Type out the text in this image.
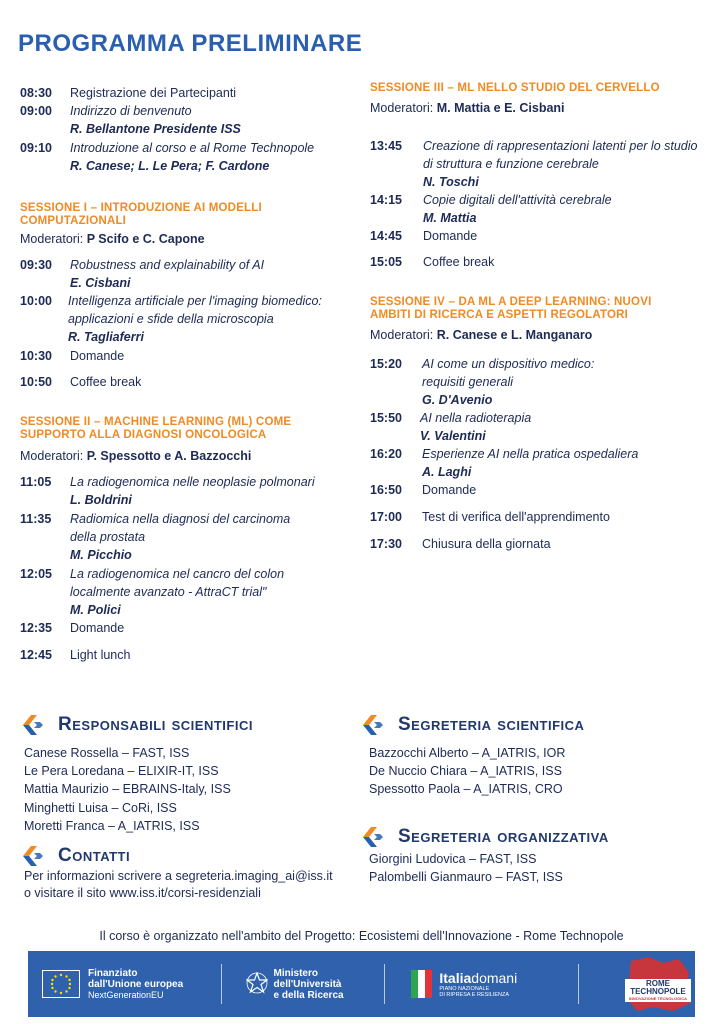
PROGRAMMA PRELIMINARE
08:30	Registrazione dei Partecipanti
09:00	Indirizzo di benvenuto
R. Bellantone Presidente ISS
09:10	Introduzione al corso e al Rome Technopole
R. Canese; L. Le Pera; F. Cardone
SESSIONE I – INTRODUZIONE AI MODELLI COMPUTAZIONALI
Moderatori: P Scifo e C. Capone
09:30	Robustness and explainability of AI
E. Cisbani
10:00	Intelligenza artificiale per l'imaging biomedico: applicazioni e sfide della microscopia
R. Tagliaferri
10:30	Domande
10:50	Coffee break
SESSIONE II – MACHINE LEARNING (ML) COME SUPPORTO ALLA DIAGNOSI ONCOLOGICA
Moderatori: P. Spessotto e A. Bazzocchi
11:05	La radiogenomica nelle neoplasie polmonari
L. Boldrini
11:35	Radiomica nella diagnosi del carcinoma della prostata
M. Picchio
12:05	La radiogenomica nel cancro del colon localmente avanzato - AttraCT trial"
M. Polici
12:35	Domande
12:45	Light lunch
SESSIONE III – ML NELLO STUDIO DEL CERVELLO
Moderatori: M. Mattia e E. Cisbani
13:45	Creazione di rappresentazioni latenti per lo studio di struttura e funzione cerebrale
N. Toschi
14:15	Copie digitali dell'attività cerebrale
M. Mattia
14:45	Domande
15:05	Coffee break
SESSIONE IV – DA ML A DEEP LEARNING: NUOVI AMBITI DI RICERCA E ASPETTI REGOLATORI
Moderatori: R. Canese e L. Manganaro
15:20	AI come un dispositivo medico: requisiti generali
G. D'Avenio
15:50	AI nella radioterapia
V. Valentini
16:20	Esperienze AI nella pratica ospedaliera
A. Laghi
16:50	Domande
17:00	Test di verifica dell'apprendimento
17:30	Chiusura della giornata
Responsabili scientifici
Canese Rossella – FAST, ISS
Le Pera Loredana – ELIXIR-IT, ISS
Mattia Maurizio – EBRAINS-Italy, ISS
Minghetti Luisa – CoRi, ISS
Moretti Franca – A_IATRIS, ISS
Segreteria scientifica
Bazzocchi Alberto – A_IATRIS, IOR
De Nuccio Chiara – A_IATRIS, ISS
Spessotto Paola – A_IATRIS, CRO
Contatti
Per informazioni scrivere a segreteria.imaging_ai@iss.it
o visitare il sito www.iss.it/corsi-residenziali
Segreteria organizzativa
Giorgini Ludovica – FAST, ISS
Palombelli Gianmauro – FAST, ISS
Il corso è organizzato nell'ambito del Progetto: Ecosistemi dell'Innovazione - Rome Technopole
Finanziato
dall'Unione europea
NextGenerationEU
Ministero
dell'Università
e della Ricerca
Italiadomani
PIANO NAZIONALE
DI RIPRESA E RESILIENZA
ROME
TECHNOPOLE
INNOVAZIONE TECNOLOGICA
